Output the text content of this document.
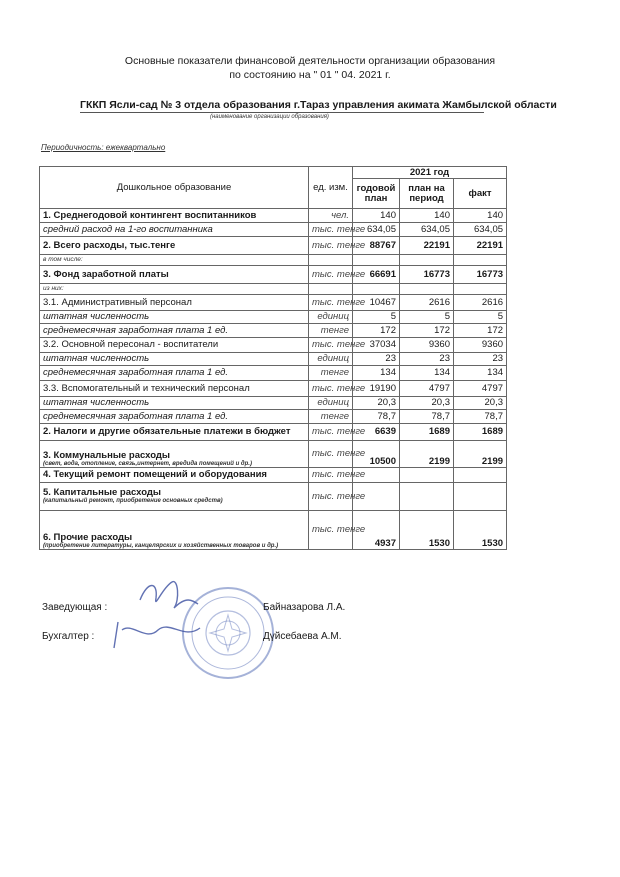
Основные показатели финансовой деятельности организации образования
по состоянию на " 01 " 04. 2021 г.
ГККП Ясли-сад № 3 отдела образования г.Тараз управления акимата Жамбылской области
(наименование организации образования)
Периодичность: ежеквартально
Дошкольное образование	ед. изм.	2021 год		
		годовой план	план на период	факт

1. Среднегодовой контингент воспитанников	чел.	140	140	140

средний расход на 1-го воспитанника	тыс. тенге	634,05	634,05	634,05

2. Всего расходы, тыс.тенге	тыс. тенге	88767	22191	22191

в том числе:				

3. Фонд заработной платы	тыс. тенге	66691	16773	16773

из них:				

3.1. Административный персонал	тыс. тенге	10467	2616	2616

штатная численность	единиц	5	5	5

среднемесячная заработная плата 1 ед.	тенге	172	172	172

3.2. Основной пересонал - воспитатели	тыс. тенге	37034	9360	9360

штатная численность	единиц	23	23	23

среднемесячная заработная плата 1 ед.	тенге	134	134	134

3.3. Вспомогательный и технический персонал	тыс. тенге	19190	4797	4797

штатная численность	единиц	20,3	20,3	20,3

среднемесячная заработная плата 1 ед.	тенге	78,7	78,7	78,7

2. Налоги и другие обязательные платежи в бюджет	тыс. тенге	6639	1689	1689

3. Коммунальные расходы
(свет, вода, отопление, связь,интернет, вредида помещений и др.)	тыс. тенге	10500	2199	2199

4. Текущий ремонт помещений и оборудования	тыс. тенге			

5. Капитальные расходы
(капитальный ремонт, приобретение основных средств)	тыс. тенге			

6. Прочие расходы
(приобретение литературы, канцелярских и хозяйственных товаров и др.)	тыс. тенге	4937	1530	1530
Заведующая :	Байназарова Л.А.
Бухгалтер :	Дүйсебаева А.М.
